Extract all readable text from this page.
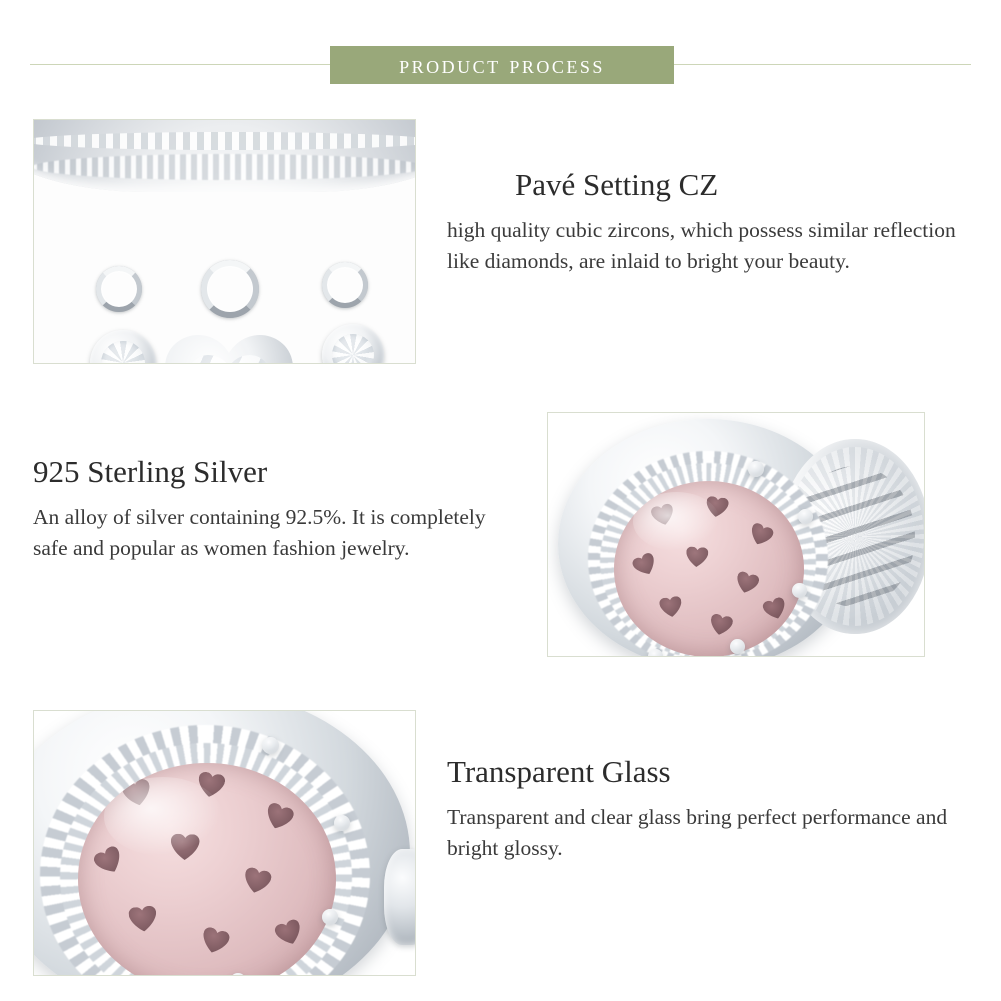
product process
Pavé Setting CZ

high quality cubic zircons, which possess similar reflection like diamonds, are inlaid to bright your beauty.

925 Sterling Silver

An alloy of silver containing 92.5%. It is completely safe and popular as women fashion jewelry.

Transparent Glass

Transparent and clear glass bring perfect performance and bright glossy.
